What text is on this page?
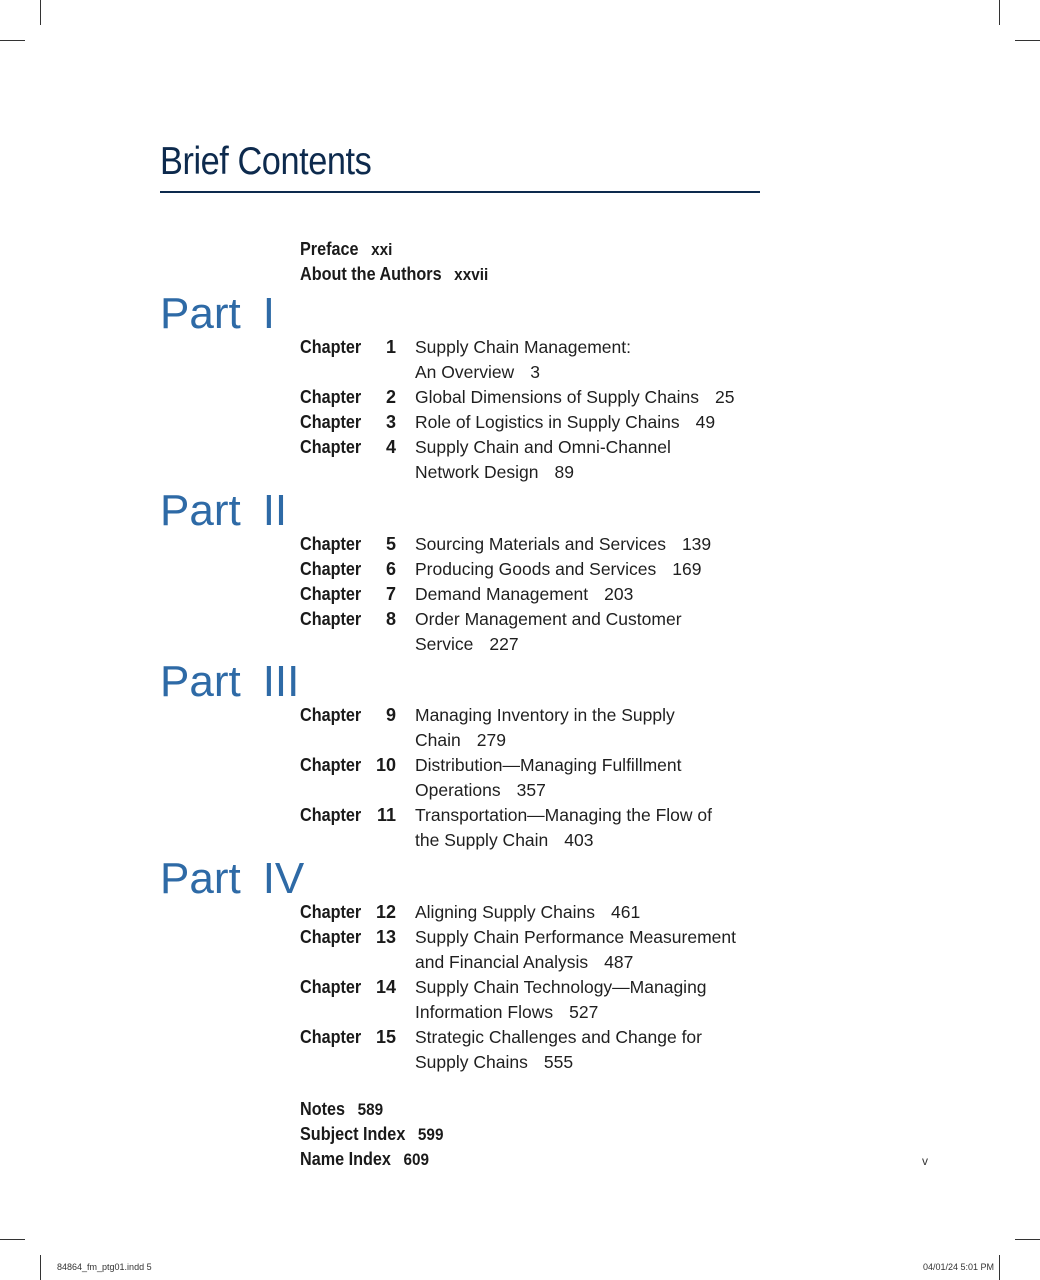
Brief Contents
Preface xxi
About the Authors xxvii
Part I
Chapter	1 Supply Chain Management:
An Overview 3
Chapter	2 Global Dimensions of Supply Chains 25
Chapter	3 Role of Logistics in Supply Chains 49
Chapter	4 Supply Chain and Omni-Channel
Network Design 89
Part II
Chapter	5 Sourcing Materials and Services 139
Chapter	6 Producing Goods and Services 169
Chapter	7 Demand Management 203
Chapter	8 Order Management and Customer
Service 227
Part III
Chapter	9 Managing Inventory in the Supply
Chain 279
Chapter 10 Distribution—Managing Fulfillment
Operations 357
Chapter 11 Transportation—Managing the Flow of
the Supply Chain 403
Part IV
Chapter 12 Aligning Supply Chains 461
Chapter 13 Supply Chain Performance Measurement
and Financial Analysis 487
Chapter 14 Supply Chain Technology—Managing
Information Flows 527
Chapter 15 Strategic Challenges and Change for
Supply Chains 555
Notes 589
Subject Index 599
Name Index 609	v
84864_fm_ptg01.indd 5	04/01/24 5:01 PM
